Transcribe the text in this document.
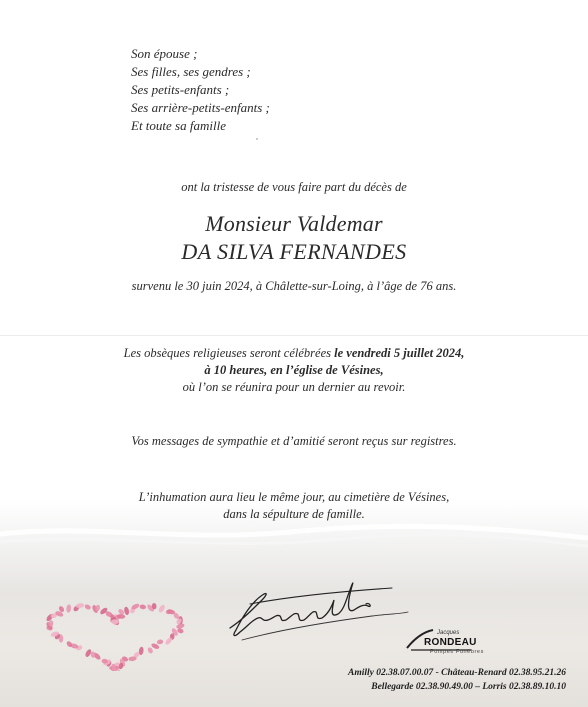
Son épouse ;
Ses filles, ses gendres ;
Ses petits-enfants ;
Ses arrière-petits-enfants ;
Et toute sa famille
ont la tristesse de vous faire part du décès de
Monsieur Valdemar
DA SILVA FERNANDES
survenu le 30 juin 2024, à Châlette-sur-Loing, à l’âge de 76 ans.
Les obsèques religieuses seront célébrées le vendredi 5 juillet 2024,
à 10 heures, en l’église de Vésines,
où l’on se réunira pour un dernier au revoir.
Vos messages de sympathie et d’amitié seront reçus sur registres.
L’inhumation aura lieu le même jour, au cimetière de Vésines,
dans la sépulture de famille.
Jacques
RONDEAU
Pompes Funèbres
Amilly 02.38.07.00.07 - Château-Renard 02.38.95.21.26
Bellegarde 02.38.90.49.00 – Lorris 02.38.89.10.10
